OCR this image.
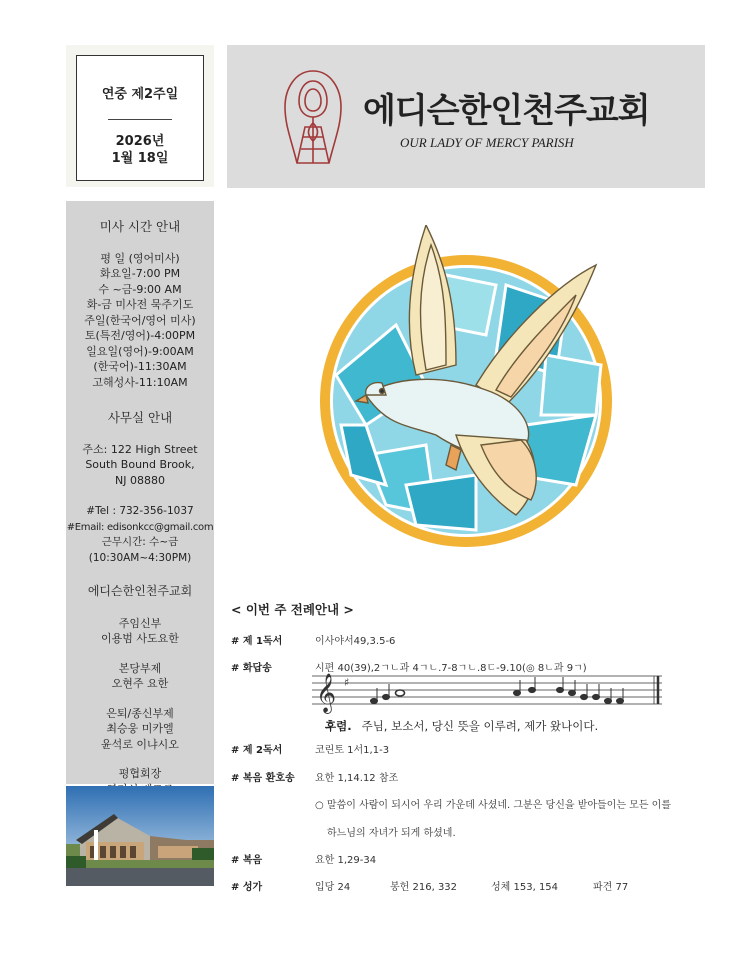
연중 제2주일
2026년
1월 18일
에디슨한인천주교회
OUR LADY OF MERCY PARISH
미사 시간 안내
평 일 (영어미사)
화요일-7:00 PM
수 ~금-9:00 AM
화-금 미사전 묵주기도
주일(한국어/영어 미사)
토(특전/영어)-4:00PM
일요일(영어)-9:00AM
(한국어)-11:30AM
고해성사-11:10AM
사무실 안내
주소: 122 High Street
South Bound Brook,
NJ 08880
#Tel : 732-356-1037
#Email: edisonkcc@gmail.com
근무시간: 수~금
(10:30AM~4:30PM)
에디슨한인천주교회
주임신부
이용범 사도요한
본당부제
오현주 요한
은퇴/종신부제
최승웅 미카엘
윤석로 이냐시오
평협회장
< 이번 주 전례안내 >
# 제 1독서	이사야서49,3.5-6
# 화답송	시편 40(39),2ㄱㄴ과 4ㄱㄴ.7-8ㄱㄴ.8ㄷ-9.10(◎ 8ㄴ과 9ㄱ)
𝄞 ♯
후렴. 주님, 보소서, 당신 뜻을 이루려, 제가 왔나이다.
# 제 2독서	코린토 1서1,1-3
# 복음 환호송 요한 1,14.12 참조
○ 말씀이 사람이 되시어 우리 가운데 사셨네. 그분은 당신을 받아들이는 모든 이를
하느님의 자녀가 되게 하셨네.
# 복음	요한 1,29-34
# 성가	입당 24	봉헌 216, 332	성체 153, 154	파견 77
